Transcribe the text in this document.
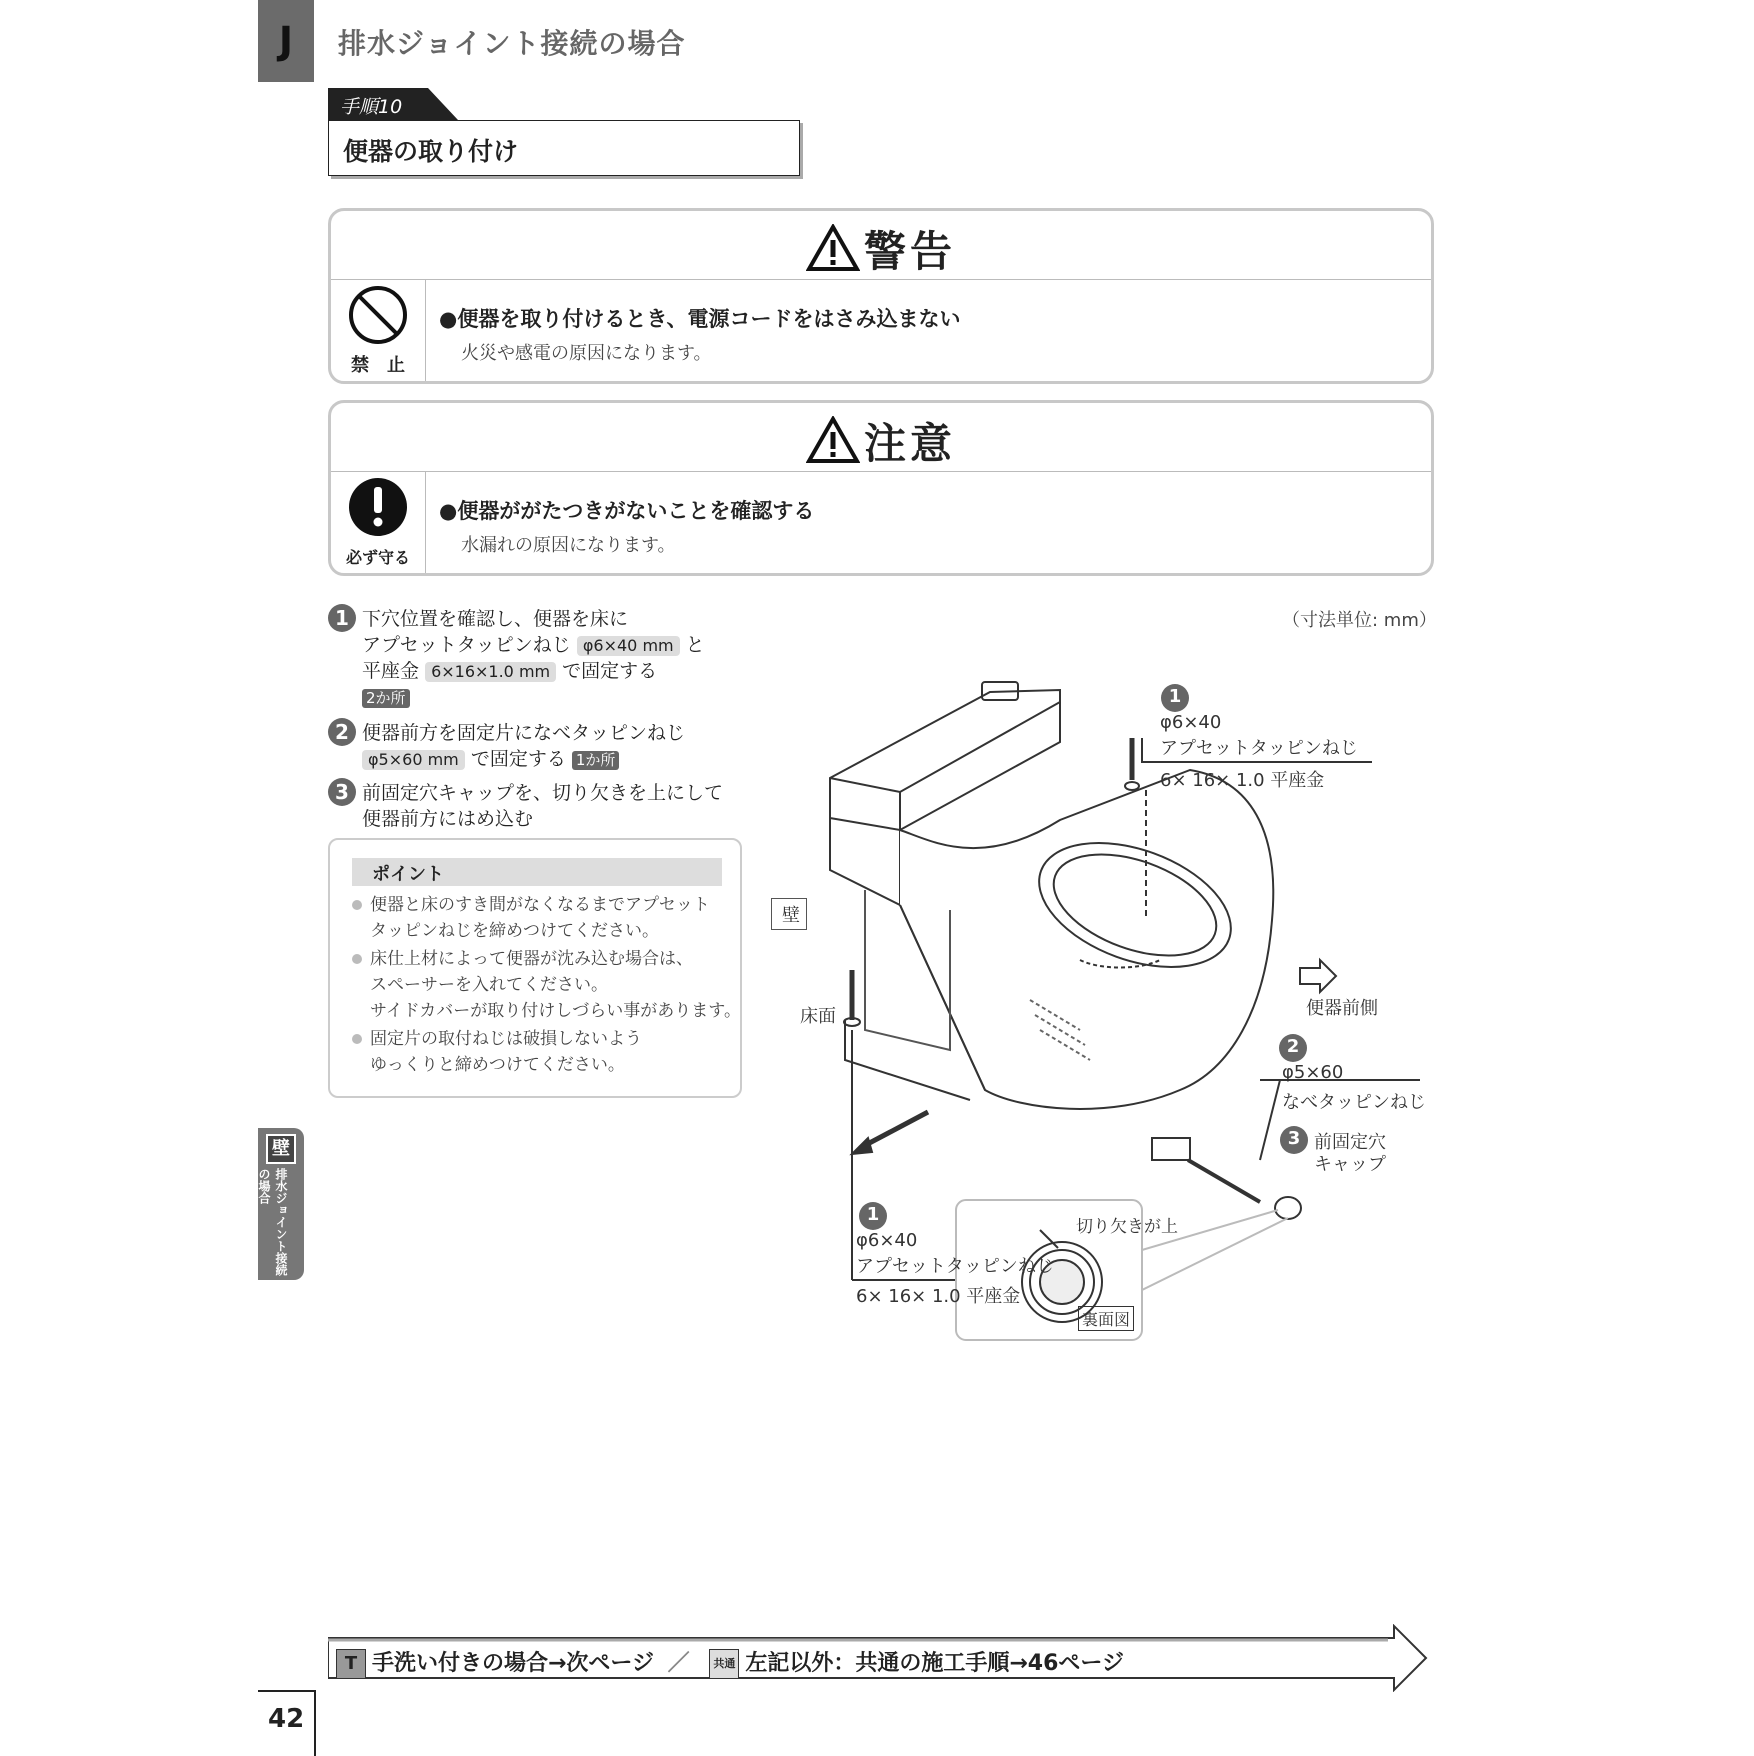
J	排水ジョイント接続の場合
手順10
便器の取り付け
警告
禁　止
●便器を取り付けるとき、電源コードをはさみ込まない
火災や感電の原因になります。
注意
必ず守る
●便器ががたつきがないことを確認する
水漏れの原因になります。
1 下穴位置を確認し、便器を床に
アプセットタッピンねじ φ6×40 mm と
平座金 6×16×1.0 mm で固定する
2か所
2 便器前方を固定片になべタッピンねじ
φ5×60 mm で固定する 1か所
3 前固定穴キャップを、切り欠きを上にして
便器前方にはめ込む
ポイント
便器と床のすき間がなくなるまでアプセット
タッピンねじを締めつけてください。
床仕上材によって便器が沈み込む場合は、
スペーサーを入れてください。
サイドカバーが取り付けしづらい事があります。
固定片の取付ねじは破損しないよう
ゆっくりと締めつけてください。
（寸法単位: mm）
壁
床面	便器前側
1
φ6×40
アプセットタッピンねじ
6× 16× 1.0 平座金
2
φ5×60
なべタッピンねじ
3 前固定穴
キャップ
1
φ6×40
アプセットタッピンねじ
6× 16× 1.0 平座金
切り欠きが上
裏面図
壁
排水ジョイント接続の場合
T 手洗い付きの場合→次ページ ／ 共通 左記以外：共通の施工手順→46ページ
42
